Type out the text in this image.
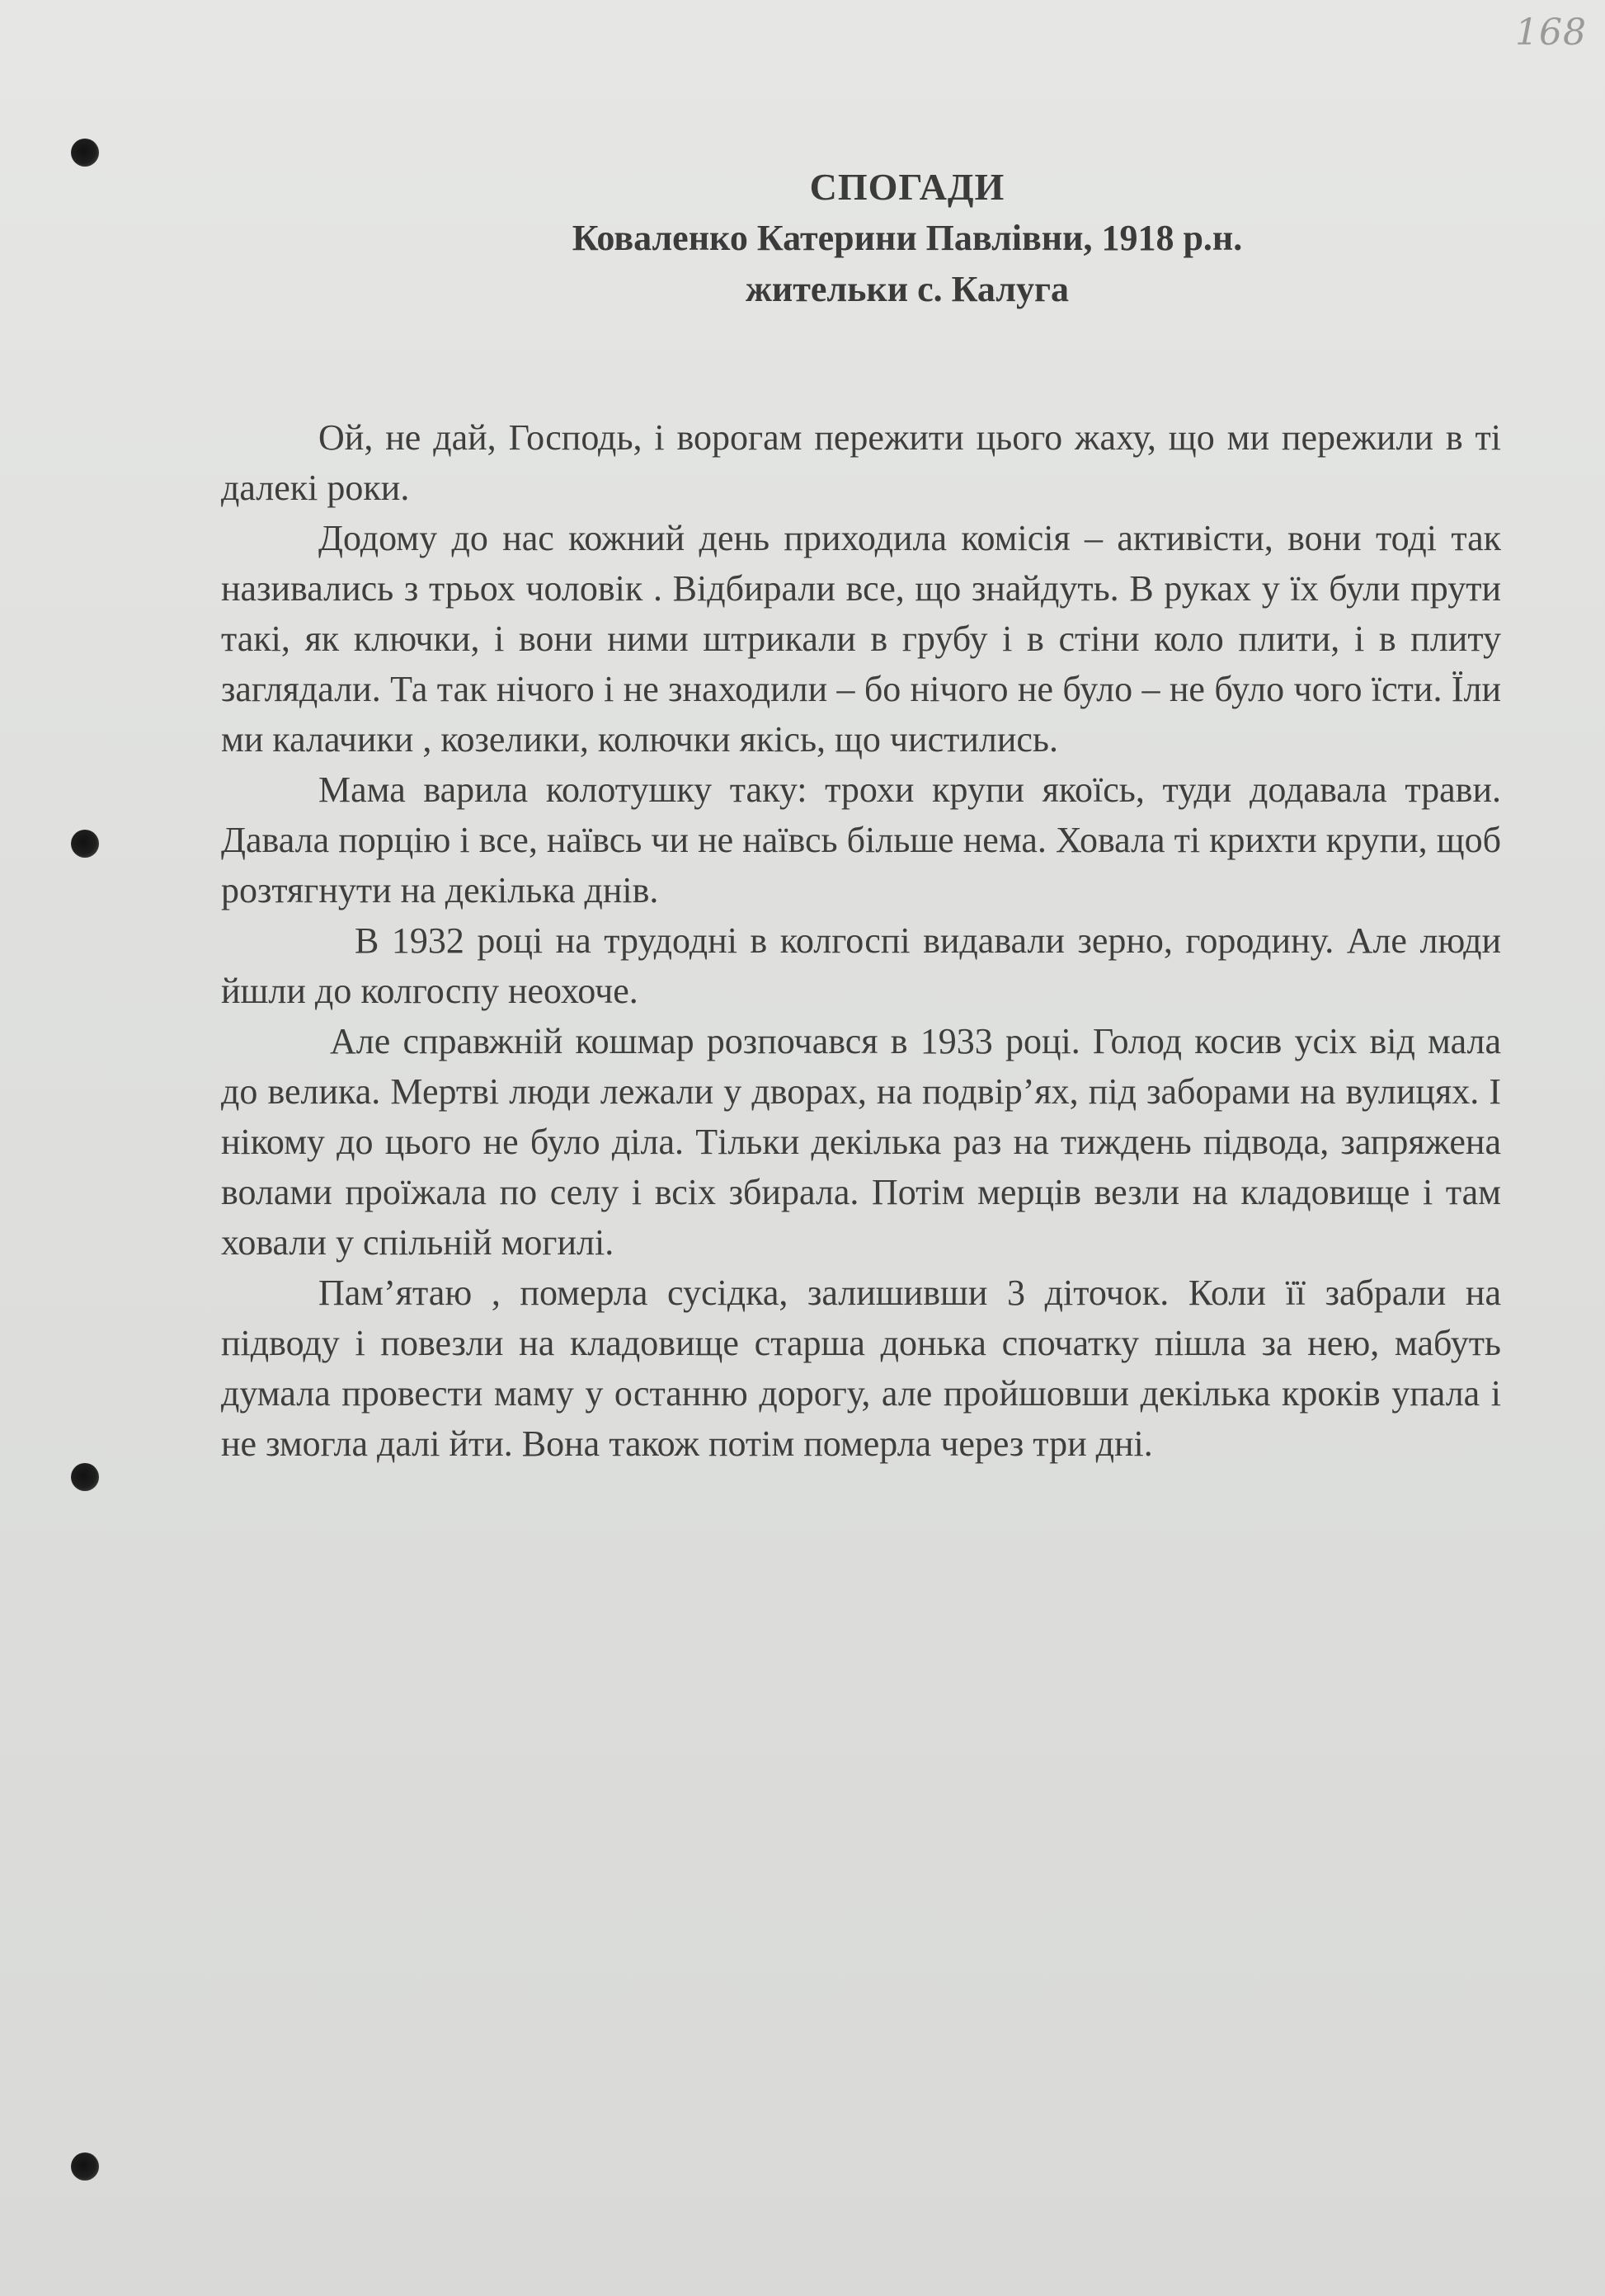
168
СПОГАДИ
Коваленко Катерини Павлівни, 1918 р.н.
жительки с. Калуга

Ой, не дай, Господь, і ворогам пережити цього жаху, що ми пережили в ті далекі роки.

Додому до нас кожний день приходила комісія – активісти, вони тоді так називались з трьох чоловік . Відбирали все, що знайдуть. В руках у їх були прути такі, як ключки, і вони ними штрикали в грубу і в стіни коло плити, і в плиту заглядали. Та так нічого і не знаходили – бо нічого не було – не було чого їсти. Їли ми калачики , козелики, колючки якісь, що чистились.

Мама варила колотушку таку: трохи крупи якоїсь, туди додавала трави. Давала порцію і все, наївсь чи не наївсь більше нема. Ховала ті крихти крупи, щоб розтягнути на декілька днів.

В 1932 році на трудодні в колгоспі видавали зерно, городину. Але люди йшли до колгоспу неохоче.

Але справжній кошмар розпочався в 1933 році. Голод косив усіх від мала до велика. Мертві люди лежали у дворах, на подвір’ях, під заборами на вулицях. І нікому до цього не було діла. Тільки декілька раз на тиждень підвода, запряжена волами проїжала по селу і всіх збирала. Потім мерців везли на кладовище і там ховали у спільній могилі.

Пам’ятаю , померла сусідка, залишивши 3 діточок. Коли її забрали на підводу і повезли на кладовище старша донька спочатку пішла за нею, мабуть думала провести маму у останню дорогу, але пройшовши декілька кроків упала і не змогла далі йти. Вона також потім померла через три дні.
